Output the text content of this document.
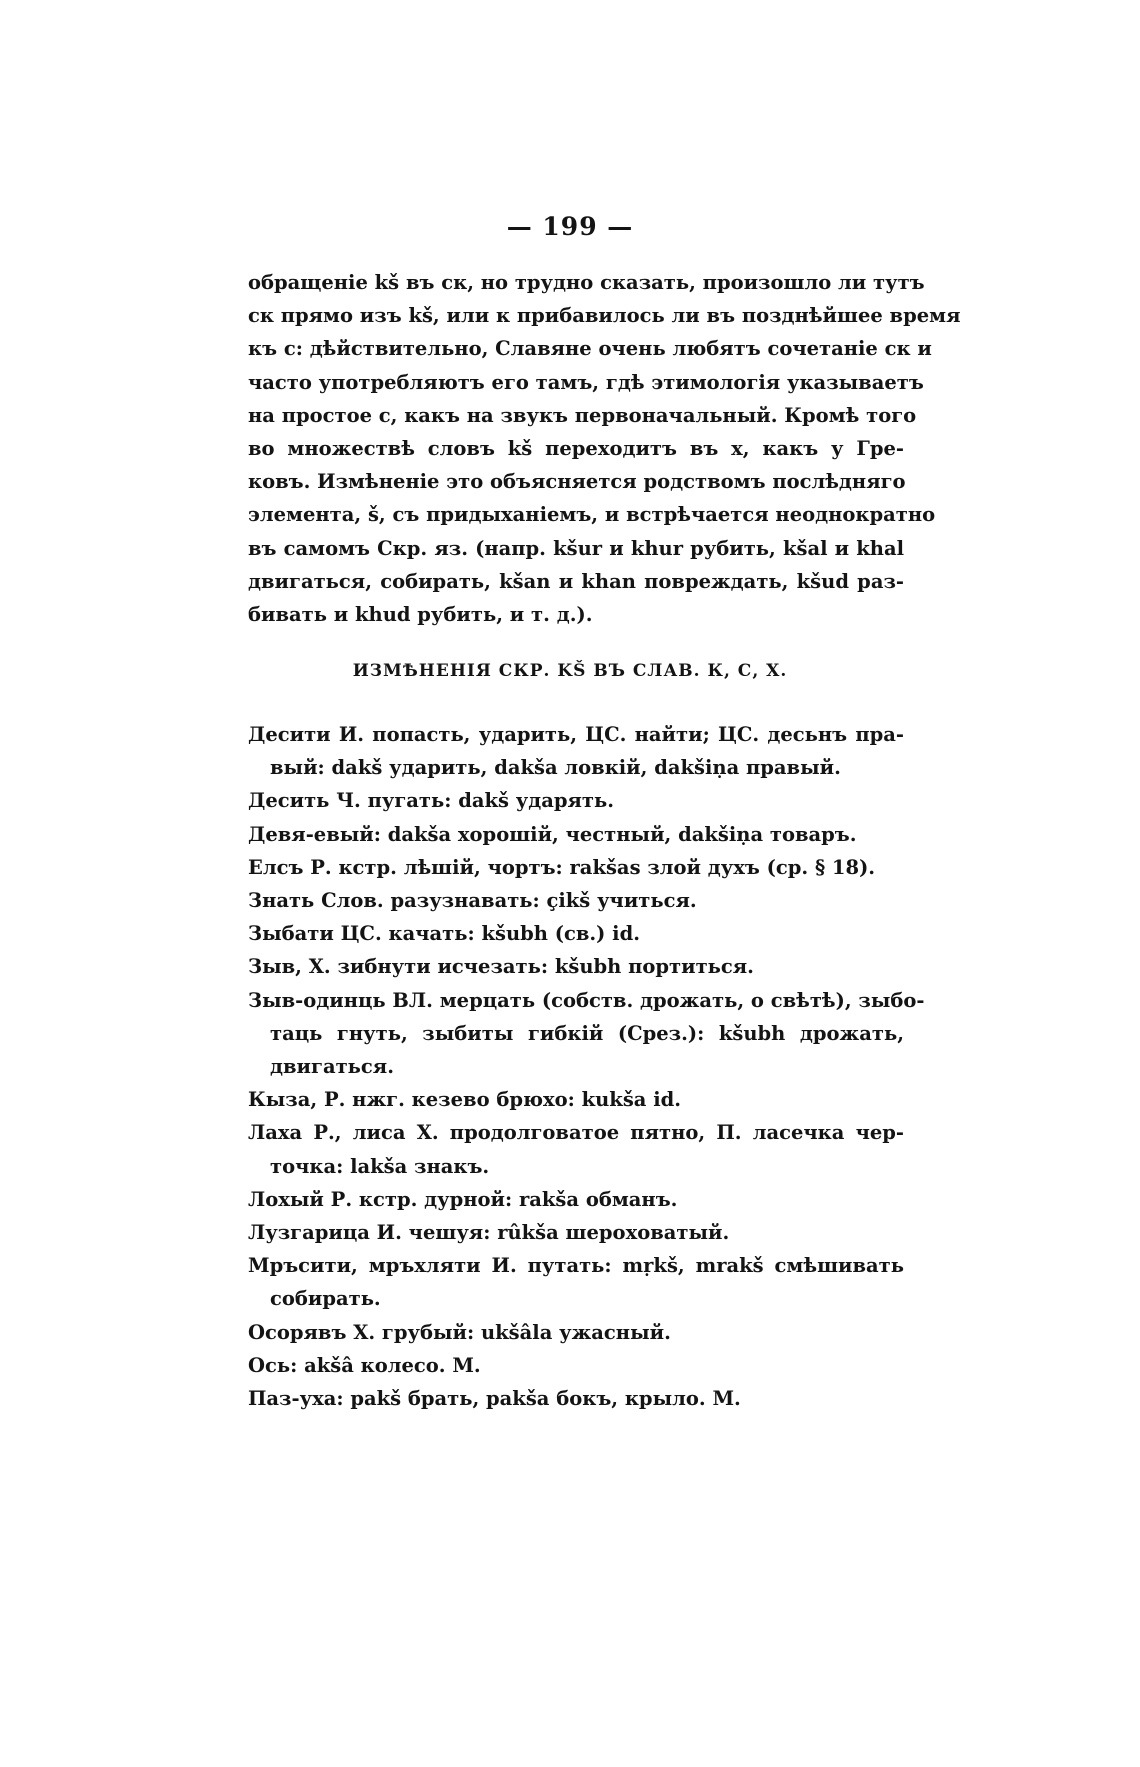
— 199 —
обращеніе kš въ ск, но трудно сказать, произошло ли тутъ
ск прямо изъ kš, или к прибавилось ли въ позднѣйшее время
къ с: дѣйствительно, Славяне очень любятъ сочетаніе ск и
часто употребляютъ его тамъ, гдѣ этимологія указываетъ
на простое с, какъ на звукъ первоначальный. Кромѣ того
во множествѣ словъ kš переходитъ въ x, какъ у Гре-
ковъ. Измѣненіе это объясняется родствомъ послѣдняго
элемента, š, съ придыханіемъ, и встрѣчается неоднократно
въ самомъ Скр. яз. (напр. kšur и khur рубить, kšal и khal
двигаться, собирать, kšan и khan повреждать, kšud раз-
бивать и khud рубить, и т. д.).
ИЗМѢНЕНІЯ СКР. KŠ ВЪ СЛАВ. К, С, Х.
Десити И. попасть, ударить, ЦС. найти; ЦС. десьнъ пра-
вый: dakš ударить, dakša ловкій, dakšiṇa правый.
Десить Ч. пугать: dakš ударять.
Девя-евый: dakša хорошій, честный, dakšiṇa товаръ.
Елсъ Р. кстр. лѣшій, чортъ: rakšas злой духъ (ср. § 18).
Знать Слов. разузнавать: çikš учиться.
Зыбати ЦС. качать: kšubh (св.) id.
Зыв, Х. зибнути исчезать: kšubh портиться.
Зыв-одинць ВЛ. мерцать (собств. дрожать, о свѣтѣ), зыбо-
таць гнуть, зыбиты гибкій (Срез.): kšubh дрожать,
двигаться.
Кыза, Р. нжг. кезево брюхо: kukša id.
Лаха Р., лиса Х. продолговатое пятно, П. ласечка чер-
точка: lakša знакъ.
Лохый Р. кстр. дурной: rakša обманъ.
Лузгарица И. чешуя: rûkša шероховатый.
Мръсити, мръхляти И. путать: mṛkš, mrakš смѣшивать
собирать.
Осорявъ Х. грубый: ukšâla ужасный.
Ось: akšâ колесо. М.
Паз-уха: pakš брать, pakša бокъ, крыло. М.
